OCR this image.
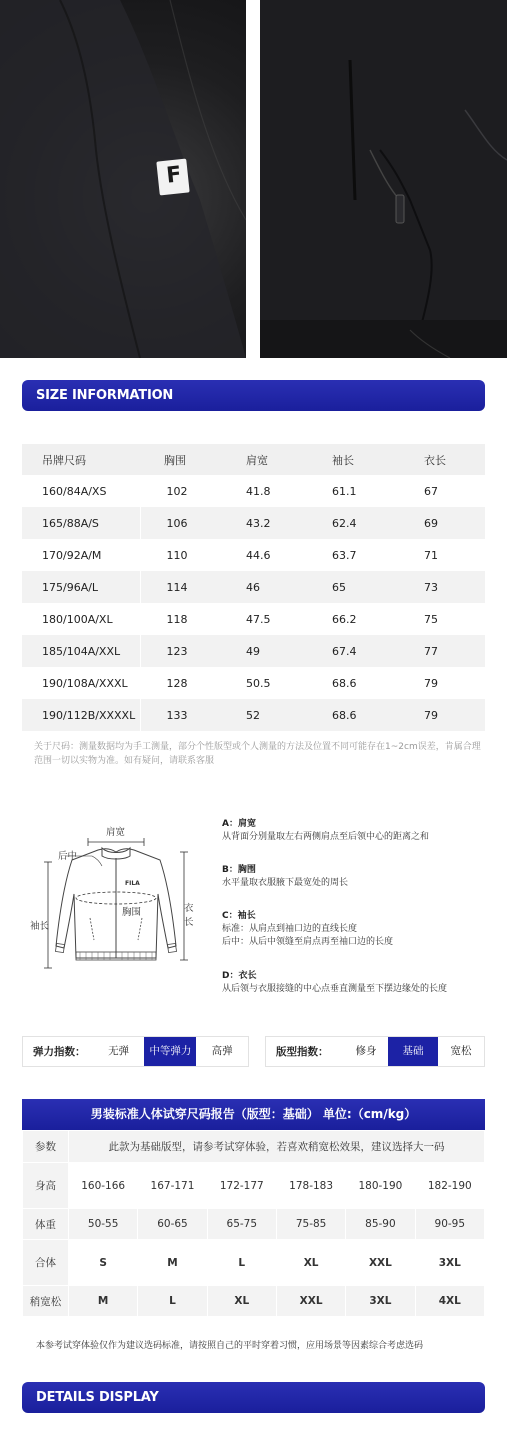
F
SIZE INFORMATION
吊牌尺码	胸围	肩宽	袖长	衣长
160/84A/XS	102	41.8	61.1	67
165/88A/S	106	43.2	62.4	69
170/92A/M	110	44.6	63.7	71
175/96A/L	114	46	65	73
180/100A/XL	118	47.5	66.2	75
185/104A/XXL	123	49	67.4	77
190/108A/XXXL	128	50.5	68.6	79
190/112B/XXXXL	133	52	68.6	79
关于尺码：测量数据均为手工测量，部分个性版型或个人测量的方法及位置不同可能存在1~2cm误差，肯属合理范围一切以实物为准。如有疑问，请联系客服
肩宽
后中
FILA
胸围
袖长
衣长
A：肩宽
从背面分别量取左右两侧肩点至后领中心的距离之和
B：胸围
水平量取衣服腋下最宽处的周长
C：袖长
标准：从肩点到袖口边的直线长度
后中：从后中领缝至肩点再至袖口边的长度
D：衣长
从后领与衣服接缝的中心点垂直测量至下摆边缘处的长度
弹力指数：	无弹	中等弹力	高弹	版型指数：	修身	基础	宽松
男装标准人体试穿尺码报告（版型：基础） 单位:（cm/kg）
参数	此款为基础版型，请参考试穿体验，若喜欢稍宽松效果，建议选择大一码					
身高	160-166	167-171	172-177	178-183	180-190	182-190
体重	50-55	60-65	65-75	75-85	85-90	90-95
合体	S	M	L	XL	XXL	3XL
稍宽松	M	L	XL	XXL	3XL	4XL
本参考试穿体验仅作为建议选码标准，请按照自己的平时穿着习惯，应用场景等因素综合考虑选码
DETAILS DISPLAY
